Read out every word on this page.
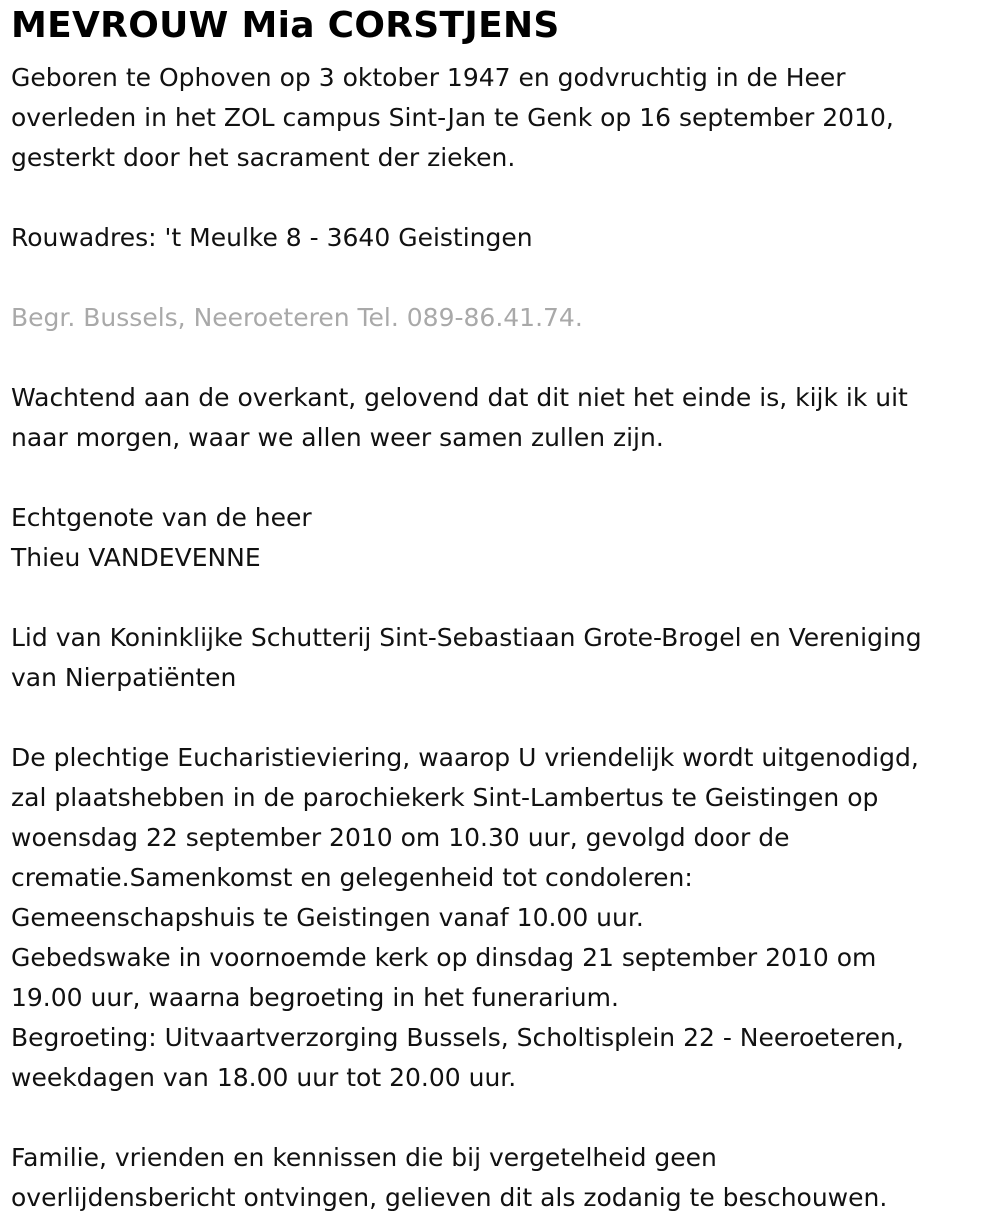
MEVROUW Mia CORSTJENS
Geboren te Ophoven op 3 oktober 1947 en godvruchtig in de Heer
overleden in het ZOL campus Sint-Jan te Genk op 16 september 2010,
gesterkt door het sacrament der zieken.
Rouwadres: 't Meulke 8 - 3640 Geistingen
Begr. Bussels, Neeroeteren Tel. 089-86.41.74.
Wachtend aan de overkant, gelovend dat dit niet het einde is, kijk ik uit
naar morgen, waar we allen weer samen zullen zijn.
Echtgenote van de heer
Thieu VANDEVENNE
Lid van Koninklijke Schutterij Sint-Sebastiaan Grote-Brogel en Vereniging
van Nierpatiënten
De plechtige Eucharistieviering, waarop U vriendelijk wordt uitgenodigd,
zal plaatshebben in de parochiekerk Sint-Lambertus te Geistingen op
woensdag 22 september 2010 om 10.30 uur, gevolgd door de
crematie.Samenkomst en gelegenheid tot condoleren:
Gemeenschapshuis te Geistingen vanaf 10.00 uur.
Gebedswake in voornoemde kerk op dinsdag 21 september 2010 om
19.00 uur, waarna begroeting in het funerarium.
Begroeting: Uitvaartverzorging Bussels, Scholtisplein 22 - Neeroeteren,
weekdagen van 18.00 uur tot 20.00 uur.
Familie, vrienden en kennissen die bij vergetelheid geen
overlijdensbericht ontvingen, gelieven dit als zodanig te beschouwen.
